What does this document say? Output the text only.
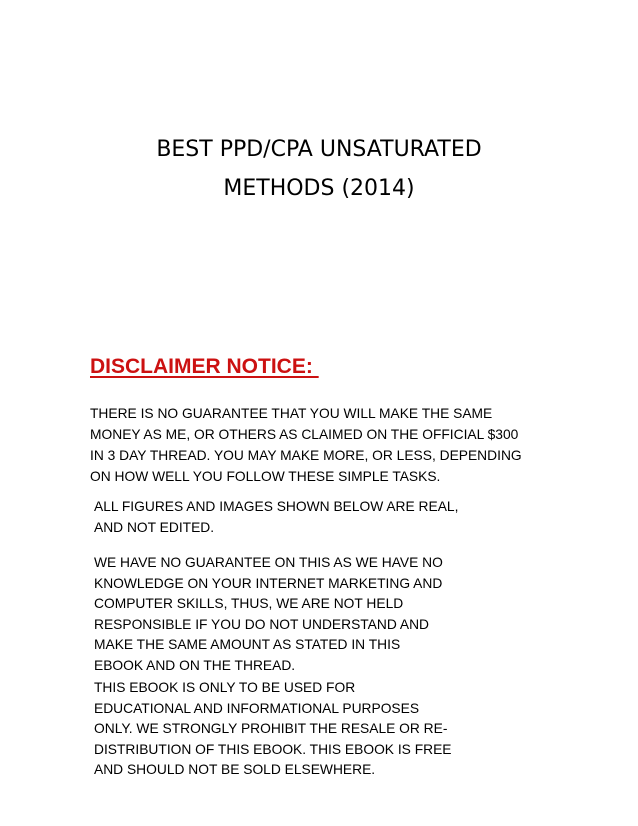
BEST PPD/CPA UNSATURATED
METHODS (2014)
DISCLAIMER NOTICE:
THERE IS NO GUARANTEE THAT YOU WILL MAKE THE SAME
MONEY AS ME, OR OTHERS AS CLAIMED ON THE OFFICIAL $300
IN 3 DAY THREAD. YOU MAY MAKE MORE, OR LESS, DEPENDING
ON HOW WELL YOU FOLLOW THESE SIMPLE TASKS.
ALL FIGURES AND IMAGES SHOWN BELOW ARE REAL,
AND NOT EDITED.
WE HAVE NO GUARANTEE ON THIS AS WE HAVE NO
KNOWLEDGE ON YOUR INTERNET MARKETING AND
COMPUTER SKILLS, THUS, WE ARE NOT HELD
RESPONSIBLE IF YOU DO NOT UNDERSTAND AND
MAKE THE SAME AMOUNT AS STATED IN THIS
EBOOK AND ON THE THREAD.
THIS EBOOK IS ONLY TO BE USED FOR
EDUCATIONAL AND INFORMATIONAL PURPOSES
ONLY. WE STRONGLY PROHIBIT THE RESALE OR RE-
DISTRIBUTION OF THIS EBOOK. THIS EBOOK IS FREE
AND SHOULD NOT BE SOLD ELSEWHERE.
